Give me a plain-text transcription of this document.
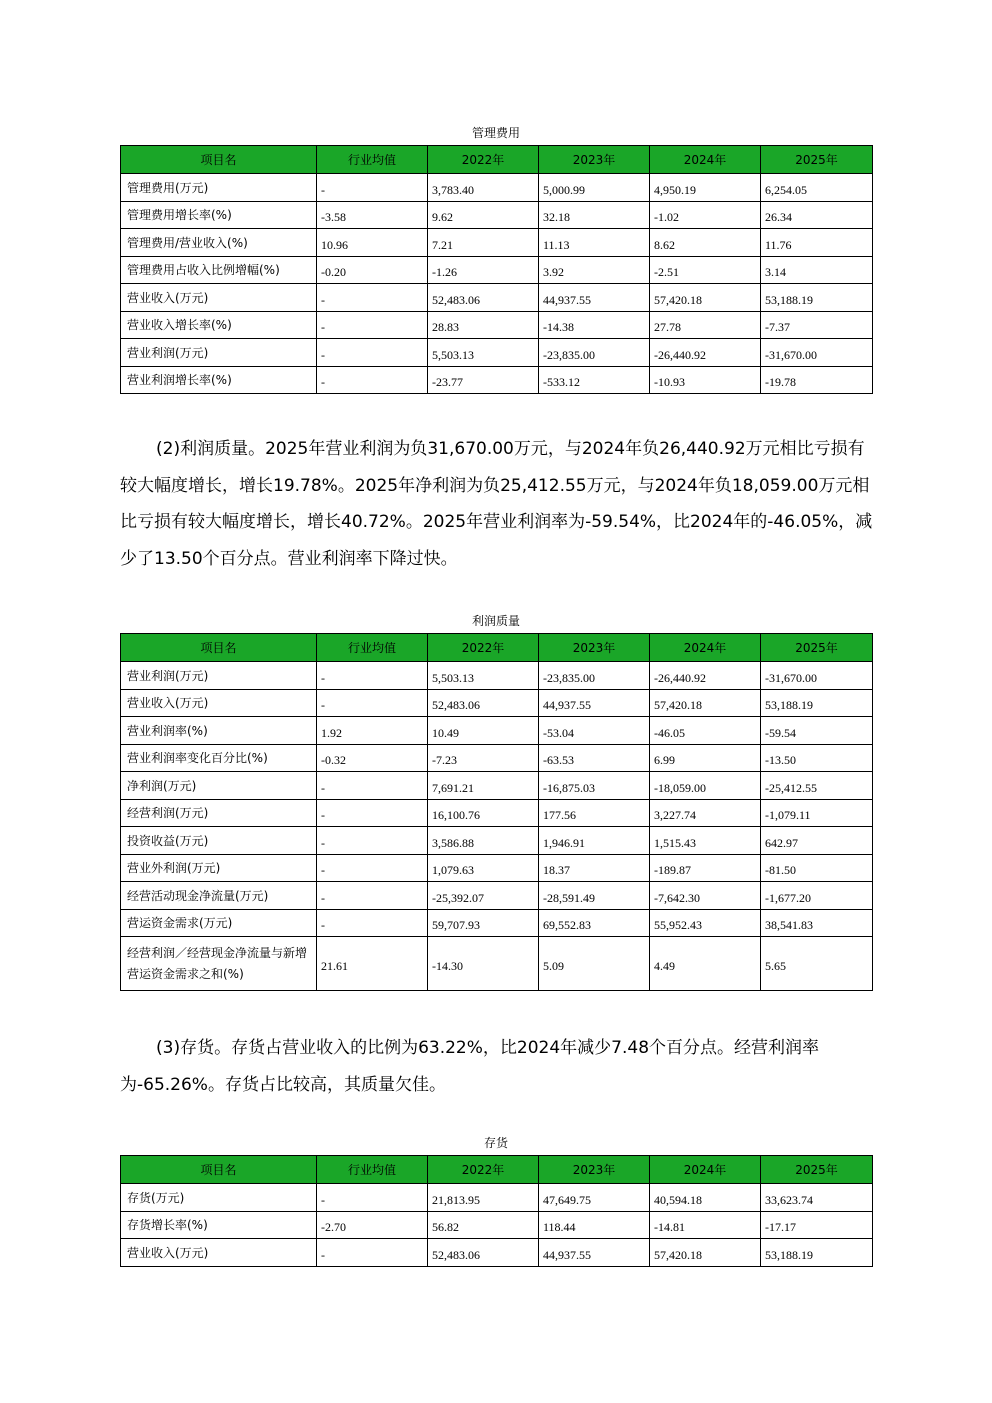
管理费用
项目名	行业均值	2022年	2023年	2024年	2025年
管理费用(万元)	-	3,783.40	5,000.99	4,950.19	6,254.05
管理费用增长率(%)	-3.58	9.62	32.18	-1.02	26.34
管理费用/营业收入(%)	10.96	7.21	11.13	8.62	11.76
管理费用占收入比例增幅(%)	-0.20	-1.26	3.92	-2.51	3.14
营业收入(万元)	-	52,483.06	44,937.55	57,420.18	53,188.19
营业收入增长率(%)	-	28.83	-14.38	27.78	-7.37
营业利润(万元)	-	5,503.13	-23,835.00	-26,440.92	-31,670.00
营业利润增长率(%)	-	-23.77	-533.12	-10.93	-19.78
(2)利润质量。2025年营业利润为负31,670.00万元，与2024年负26,440.92万元相比亏损有较大幅度增长，增长19.78%。2025年净利润为负25,412.55万元，与2024年负18,059.00万元相比亏损有较大幅度增长，增长40.72%。2025年营业利润率为-59.54%，比2024年的-46.05%，减少了13.50个百分点。营业利润率下降过快。
利润质量
项目名	行业均值	2022年	2023年	2024年	2025年
营业利润(万元)	-	5,503.13	-23,835.00	-26,440.92	-31,670.00
营业收入(万元)	-	52,483.06	44,937.55	57,420.18	53,188.19
营业利润率(%)	1.92	10.49	-53.04	-46.05	-59.54
营业利润率变化百分比(%)	-0.32	-7.23	-63.53	6.99	-13.50
净利润(万元)	-	7,691.21	-16,875.03	-18,059.00	-25,412.55
经营利润(万元)	-	16,100.76	177.56	3,227.74	-1,079.11
投资收益(万元)	-	3,586.88	1,946.91	1,515.43	642.97
营业外利润(万元)	-	1,079.63	18.37	-189.87	-81.50
经营活动现金净流量(万元)	-	-25,392.07	-28,591.49	-7,642.30	-1,677.20
营运资金需求(万元)	-	59,707.93	69,552.83	55,952.43	38,541.83
经营利润／经营现金净流量与新增营运资金需求之和(%)	21.61	-14.30	5.09	4.49	5.65
(3)存货。存货占营业收入的比例为63.22%，比2024年减少7.48个百分点。经营利润率为-65.26%。存货占比较高，其质量欠佳。
存货
项目名	行业均值	2022年	2023年	2024年	2025年
存货(万元)	-	21,813.95	47,649.75	40,594.18	33,623.74
存货增长率(%)	-2.70	56.82	118.44	-14.81	-17.17
营业收入(万元)	-	52,483.06	44,937.55	57,420.18	53,188.19
